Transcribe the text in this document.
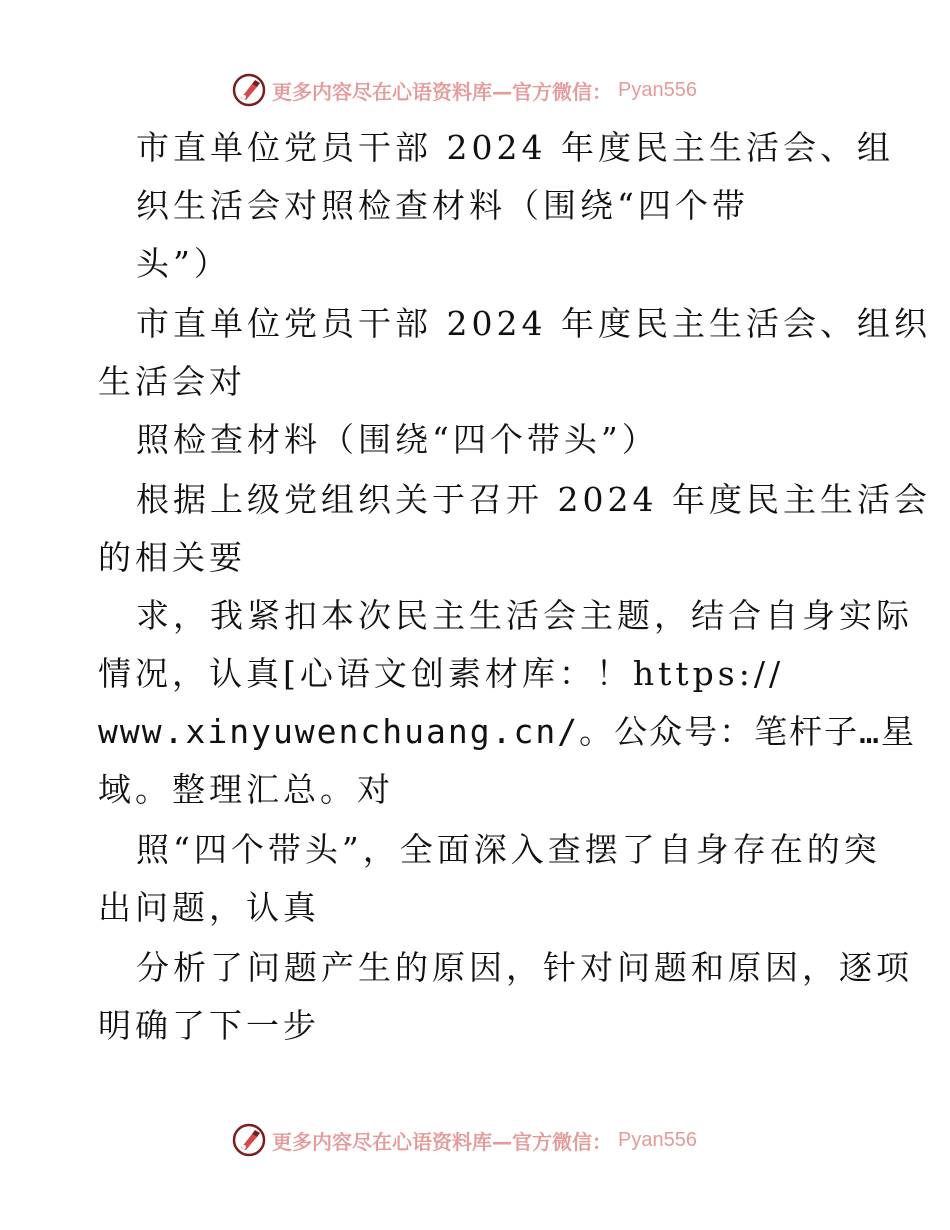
更多内容尽在心语资料库—官方微信： Pyan556
市直单位党员干部 2024 年度民主生活会、组
织生活会对照检查材料（围绕“四个带
头”）
市直单位党员干部 2024 年度民主生活会、组织
生活会对
照检查材料（围绕“四个带头”）
根据上级党组织关于召开 2024 年度民主生活会
的相关要
求，我紧扣本次民主生活会主题，结合自身实际
情况，认真[心语文创素材库：！https://
www.xinyuwenchuang.cn/。公众号：笔杆子…星
域。整理汇总。对
照“四个带头”，全面深入查摆了自身存在的突
出问题，认真
分析了问题产生的原因，针对问题和原因，逐项
明确了下一步
更多内容尽在心语资料库—官方微信： Pyan556
